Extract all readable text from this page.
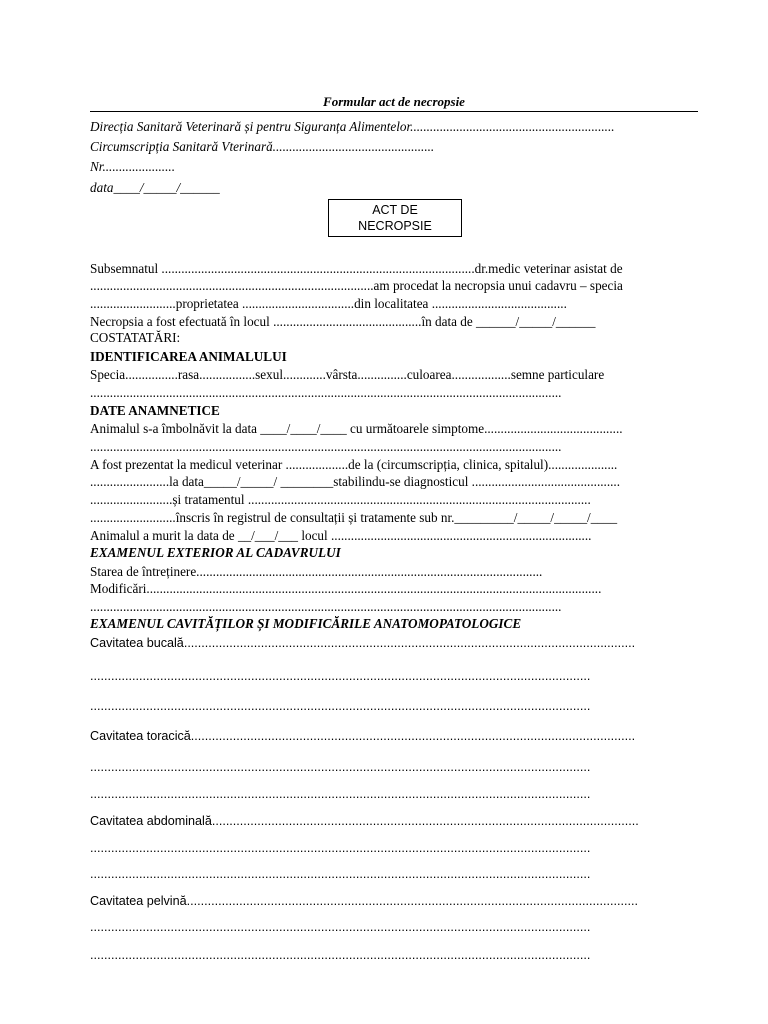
Formular act de necropsie
Direcția Sanitară Veterinară și pentru Siguranța Alimentelor..............................................................
Circumscripția Sanitară Vterinară.................................................
Nr......................
data____/_____/______
ACT DE
NECROPSIE
Subsemnatul ...............................................................................................dr.medic veterinar asistat de
......................................................................................am procedat la necropsia unui cadavru – specia
..........................proprietatea ..................................din localitatea .........................................
Necropsia a fost efectuată în locul .............................................în data de ______/_____/______
COSTATATĂRI:
IDENTIFICAREA ANIMALULUI
Specia................rasa.................sexul.............vârsta...............culoarea..................semne particulare
...............................................................................................................................................
DATE ANAMNETICE
Animalul s-a îmbolnăvit la data ____/____/____ cu următoarele simptome..........................................
...............................................................................................................................................
A fost prezentat la medicul veterinar ...................de la (circumscripția, clinica, spitalul).....................
........................la data_____/_____/ ________stabilindu-se diagnosticul .............................................
.........................și tratamentul ........................................................................................................
..........................înscris în registrul de consultații și tratamente sub nr._________/_____/_____/____
Animalul a murit la data de __/___/___ locul ...............................................................................
EXAMENUL EXTERIOR AL CADAVRULUI
Starea de întreținere.........................................................................................................
Modificări..........................................................................................................................................
...............................................................................................................................................
EXAMENUL CAVITĂȚILOR ȘI MODIFICĂRILE ANATOMOPATOLOGICE
Cavitatea bucală.................................................................................................................................
...............................................................................................................................................
...............................................................................................................................................
Cavitatea toracică...............................................................................................................................
...............................................................................................................................................
...............................................................................................................................................
Cavitatea abdominală..........................................................................................................................
...............................................................................................................................................
...............................................................................................................................................
Cavitatea pelvină.................................................................................................................................
...............................................................................................................................................
...............................................................................................................................................
